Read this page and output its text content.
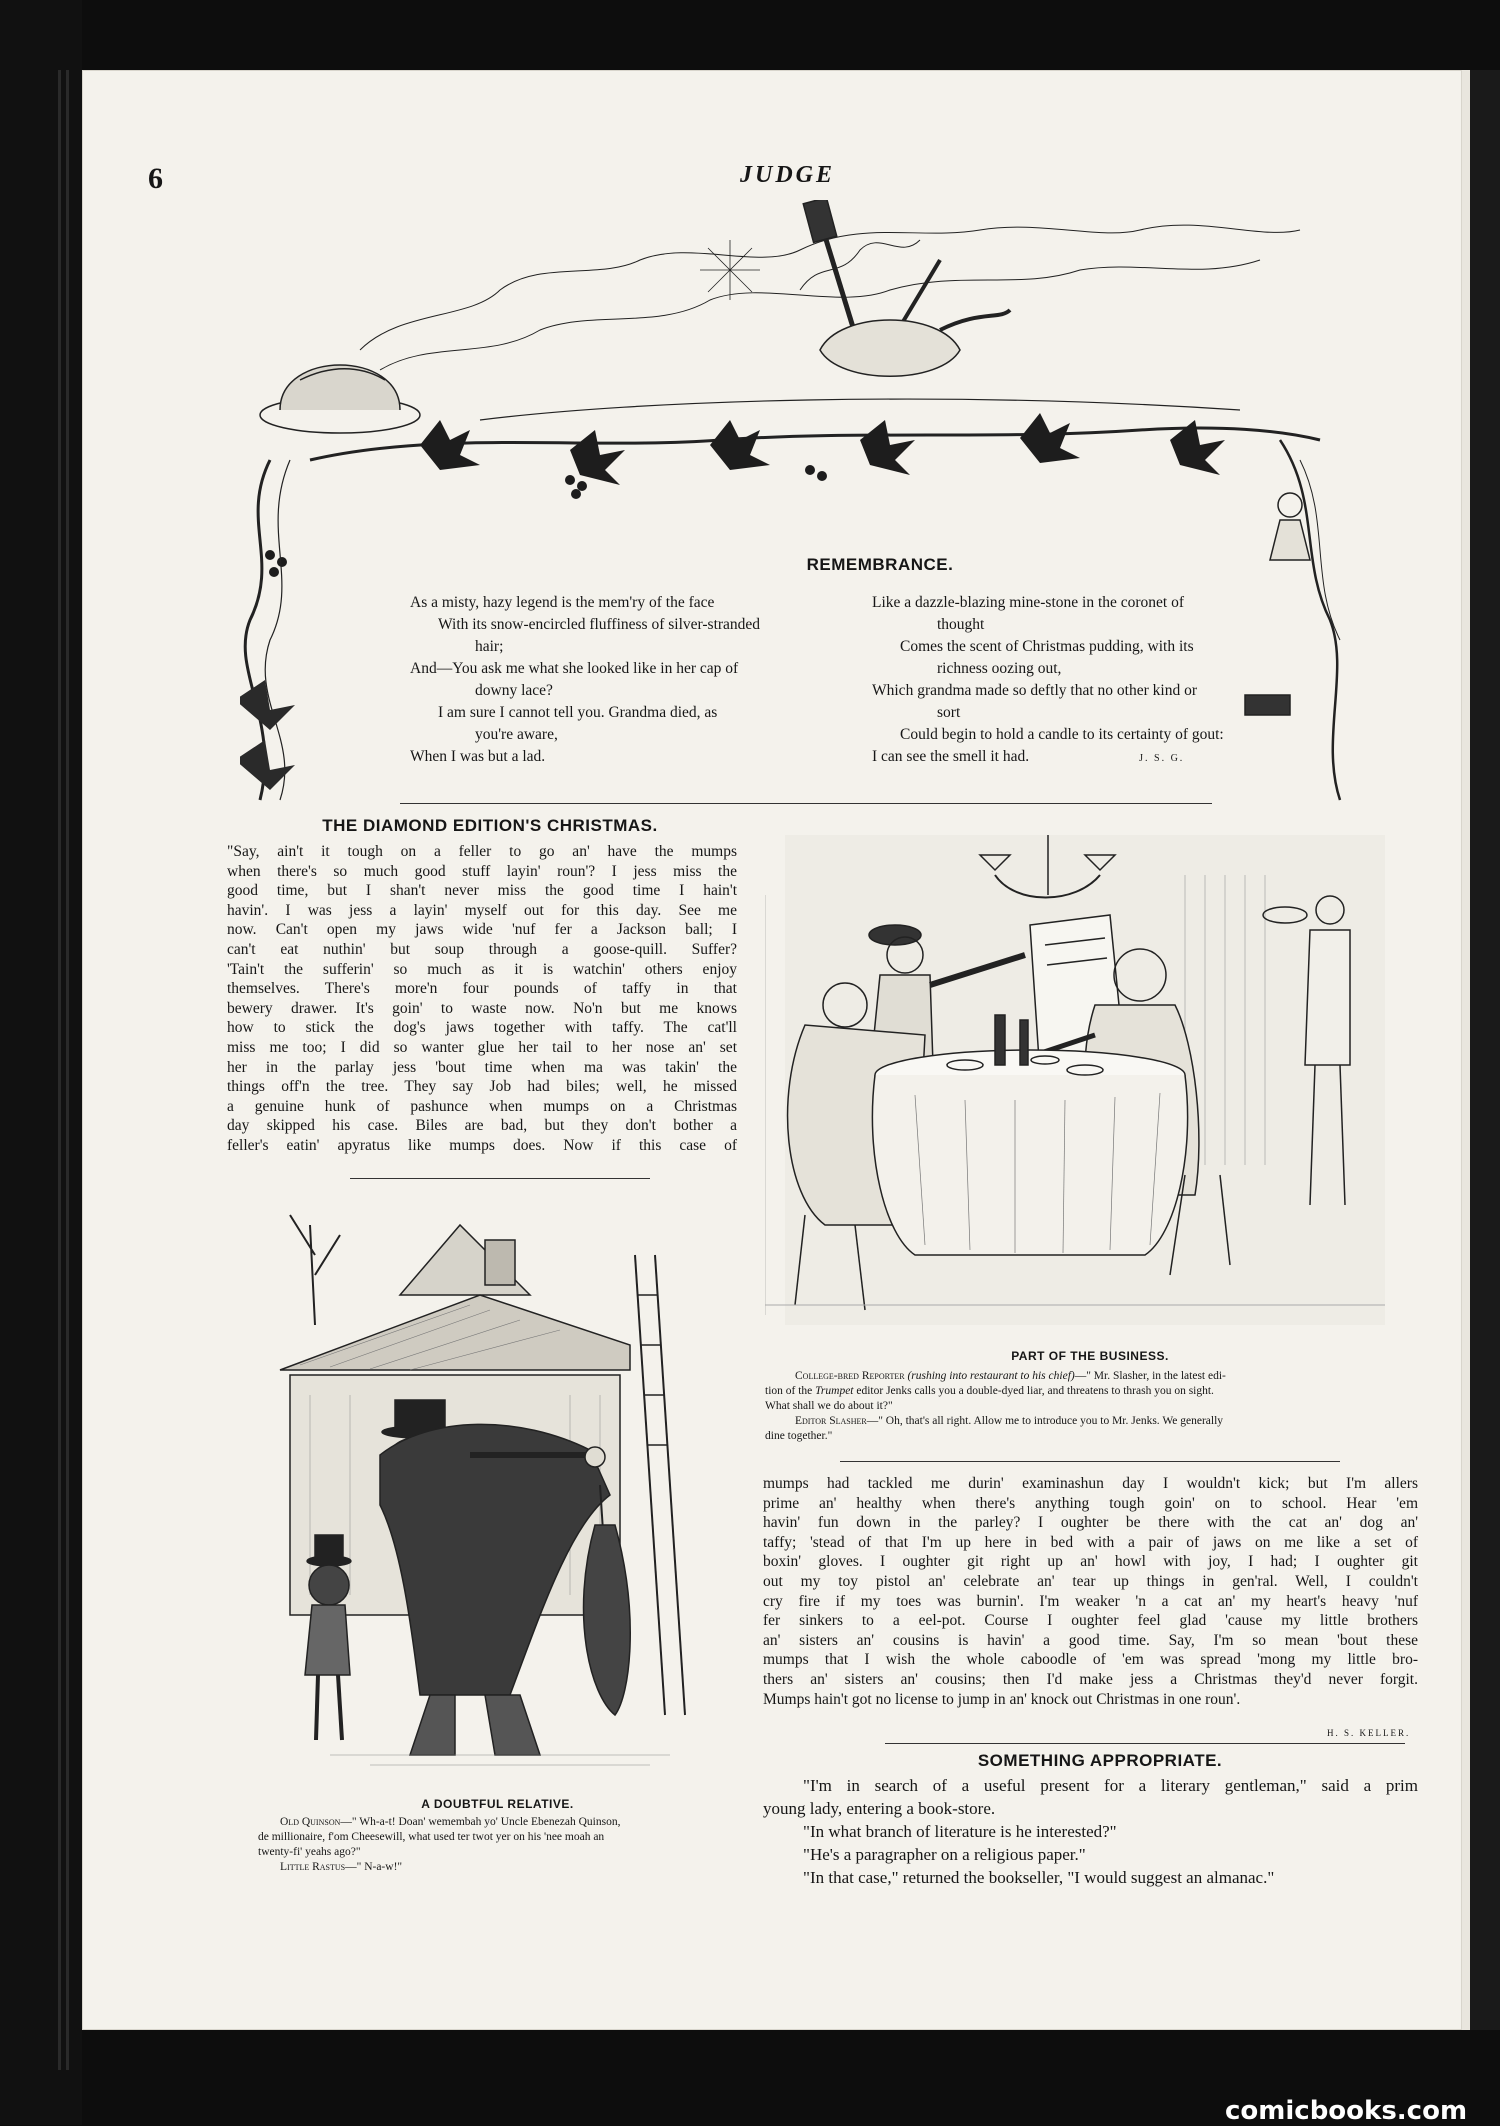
6	JUDGE
REMEMBRANCE.
As a misty, hazy legend is the mem'ry of the face
With its snow-encircled fluffiness of silver-stranded
hair;
And—You ask me what she looked like in her cap of
downy lace?
I am sure I cannot tell you. Grandma died, as
you're aware,
When I was but a lad.
Like a dazzle-blazing mine-stone in the coronet of
thought
Comes the scent of Christmas pudding, with its
richness oozing out,
Which grandma made so deftly that no other kind or
sort
Could begin to hold a candle to its certainty of gout:
I can see the smell it had.	J. S. G.
THE DIAMOND EDITION'S CHRISTMAS.
"Say, ain't it tough on a feller to go an' have the mumps
when there's so much good stuff layin' roun'? I jess miss the
good time, but I shan't never miss the good time I hain't
havin'. I was jess a layin' myself out for this day. See me
now. Can't open my jaws wide 'nuf fer a Jackson ball; I
can't eat nuthin' but soup through a goose-quill. Suffer?
'Tain't the sufferin' so much as it is watchin' others enjoy
themselves. There's more'n four pounds of taffy in that
bewery drawer. It's goin' to waste now. No'n but me knows
how to stick the dog's jaws together with taffy. The cat'll
miss me too; I did so wanter glue her tail to her nose an' set
her in the parlay jess 'bout time when ma was takin' the
things off'n the tree. They say Job had biles; well, he missed
a genuine hunk of pashunce when mumps on a Christmas
day skipped his case. Biles are bad, but they don't bother a
feller's eatin' apyratus like mumps does. Now if this case of
PART OF THE BUSINESS.
College-bred Reporter (rushing into restaurant to his chief)—" Mr. Slasher, in the latest edi-
tion of the Trumpet editor Jenks calls you a double-dyed liar, and threatens to thrash you on sight.
What shall we do about it?"
Editor Slasher—" Oh, that's all right. Allow me to introduce you to Mr. Jenks. We generally
dine together."
mumps had tackled me durin' examinashun day I wouldn't kick; but I'm allers
prime an' healthy when there's anything tough goin' on to school. Hear 'em
havin' fun down in the parley? I oughter be there with the cat an' dog an'
taffy; 'stead of that I'm up here in bed with a pair of jaws on me like a set of
boxin' gloves. I oughter git right up an' howl with joy, I had; I oughter git
out my toy pistol an' celebrate an' tear up things in gen'ral. Well, I couldn't
cry fire if my toes was burnin'. I'm weaker 'n a cat an' my heart's heavy 'nuf
fer sinkers to a eel-pot. Course I oughter feel glad 'cause my little brothers
an' sisters an' cousins is havin' a good time. Say, I'm so mean 'bout these
mumps that I wish the whole caboodle of 'em was spread 'mong my little bro-
thers an' sisters an' cousins; then I'd make jess a Christmas they'd never forgit.
Mumps hain't got no license to jump in an' knock out Christmas in one roun'.
H. S. KELLER.
SOMETHING APPROPRIATE.
"I'm in search of a useful present for a literary gentleman," said a prim
young lady, entering a book-store.
"In what branch of literature is he interested?"
"He's a paragrapher on a religious paper."
"In that case," returned the bookseller, "I would suggest an almanac."
A DOUBTFUL RELATIVE.
Old Quinson—" Wh-a-t! Doan' wemembah yo' Uncle Ebenezah Quinson,
de millionaire, f'om Cheesewill, what used ter twot yer on his 'nee moah an
twenty-fi' yeahs ago?"
Little Rastus—" N-a-w!"
comicbooks.com
